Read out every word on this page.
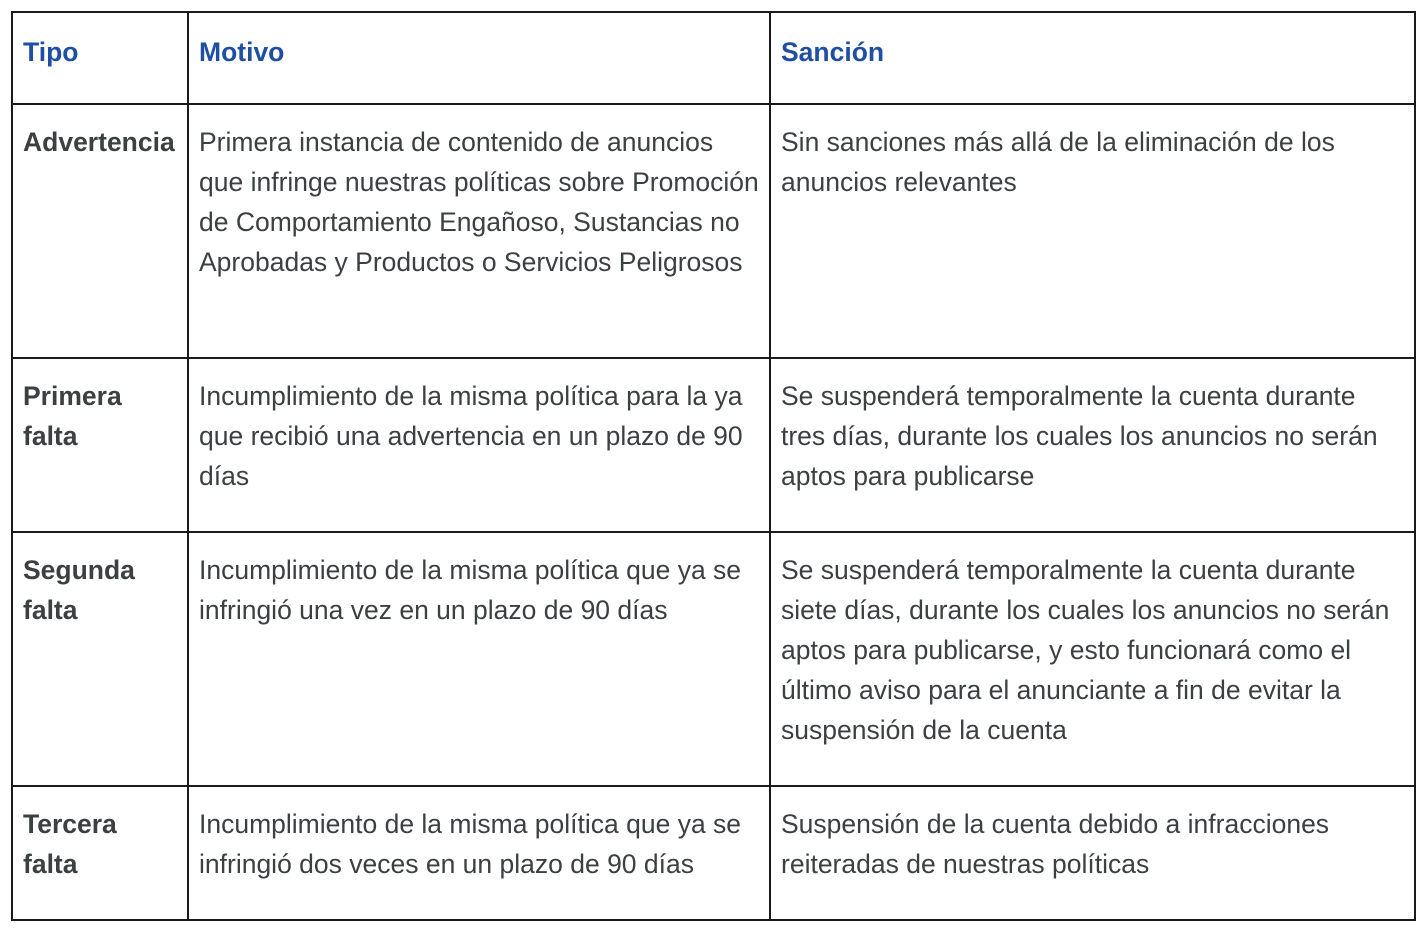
Tipo	Motivo	Sanción
Advertencia	Primera instancia de contenido de anuncios que infringe nuestras políticas sobre Promoción de Comportamiento Engañoso, Sustancias no Aprobadas y Productos o Servicios Peligrosos	Sin sanciones más allá de la eliminación de los anuncios relevantes
Primera falta	Incumplimiento de la misma política para la ya que recibió una advertencia en un plazo de 90 días	Se suspenderá temporalmente la cuenta durante tres días, durante los cuales los anuncios no serán aptos para publicarse
Segunda falta	Incumplimiento de la misma política que ya se infringió una vez en un plazo de 90 días	Se suspenderá temporalmente la cuenta durante siete días, durante los cuales los anuncios no serán aptos para publicarse, y esto funcionará como el último aviso para el anunciante a fin de evitar la suspensión de la cuenta
Tercera falta	Incumplimiento de la misma política que ya se infringió dos veces en un plazo de 90 días	Suspensión de la cuenta debido a infracciones reiteradas de nuestras políticas
